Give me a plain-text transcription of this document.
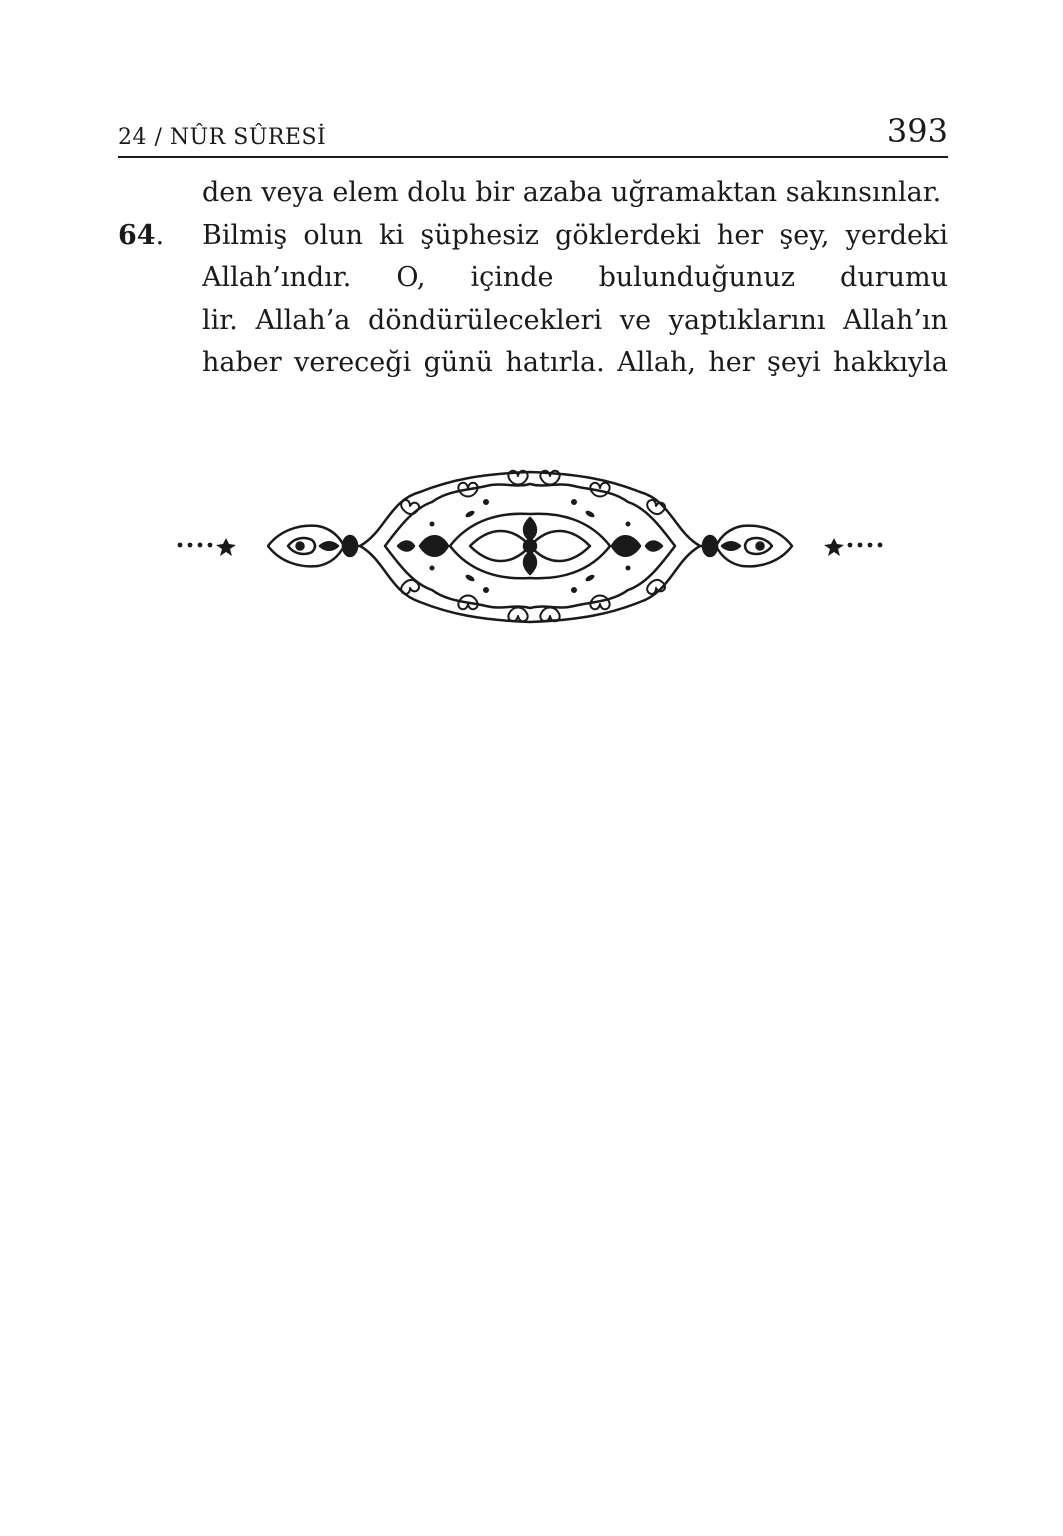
24 / NÛR SÛRESİ	393
den veya elem dolu bir azaba uğramaktan sakınsınlar.
64. Bilmiş olun ki şüphesiz göklerdeki her şey, yerdeki
Allah’ındır. O, içinde bulunduğunuz durumu
lir. Allah’a döndürülecekleri ve yaptıklarını Allah’ın
haber vereceği günü hatırla. Allah, her şeyi hakkıyla
